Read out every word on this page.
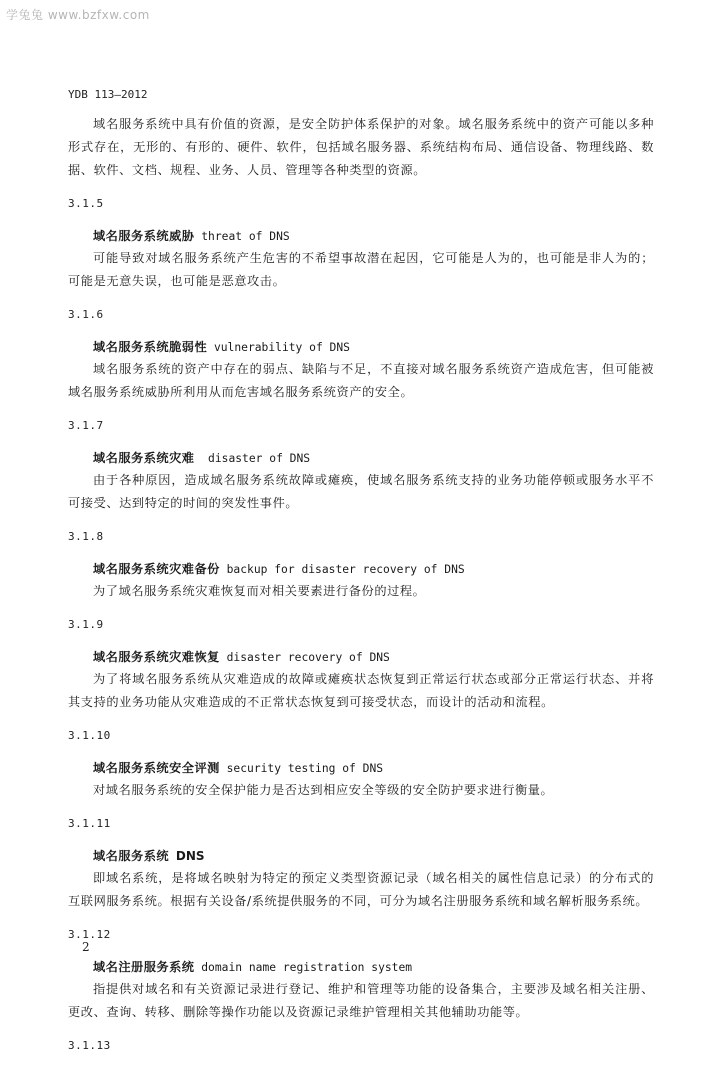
学兔兔 www.bzfxw.com
YDB 113—2012

域名服务系统中具有价值的资源，是安全防护体系保护的对象。域名服务系统中的资产可能以多种形式存在，无形的、有形的、硬件、软件，包括域名服务器、系统结构布局、通信设备、物理线路、数据、软件、文档、规程、业务、人员、管理等各种类型的资源。

3.1.5

域名服务系统威胁 threat of DNS

可能导致对域名服务系统产生危害的不希望事故潜在起因，它可能是人为的，也可能是非人为的；可能是无意失误，也可能是恶意攻击。

3.1.6

域名服务系统脆弱性 vulnerability of DNS

域名服务系统的资产中存在的弱点、缺陷与不足，不直接对域名服务系统资产造成危害，但可能被域名服务系统威胁所利用从而危害域名服务系统资产的安全。

3.1.7

域名服务系统灾难  disaster of DNS

由于各种原因，造成域名服务系统故障或瘫痪，使域名服务系统支持的业务功能停顿或服务水平不可接受、达到特定的时间的突发性事件。

3.1.8

域名服务系统灾难备份 backup for disaster recovery of DNS

为了域名服务系统灾难恢复而对相关要素进行备份的过程。

3.1.9

域名服务系统灾难恢复 disaster recovery of DNS

为了将域名服务系统从灾难造成的故障或瘫痪状态恢复到正常运行状态或部分正常运行状态、并将其支持的业务功能从灾难造成的不正常状态恢复到可接受状态，而设计的活动和流程。

3.1.10

域名服务系统安全评测 security testing of DNS

对域名服务系统的安全保护能力是否达到相应安全等级的安全防护要求进行衡量。

3.1.11

域名服务系统 DNS

即域名系统，是将域名映射为特定的预定义类型资源记录（域名相关的属性信息记录）的分布式的互联网服务系统。根据有关设备/系统提供服务的不同，可分为域名注册服务系统和域名解析服务系统。

3.1.12

域名注册服务系统 domain name registration system

指提供对域名和有关资源记录进行登记、维护和管理等功能的设备集合，主要涉及域名相关注册、更改、查询、转移、删除等操作功能以及资源记录维护管理相关其他辅助功能等。

3.1.13
2
